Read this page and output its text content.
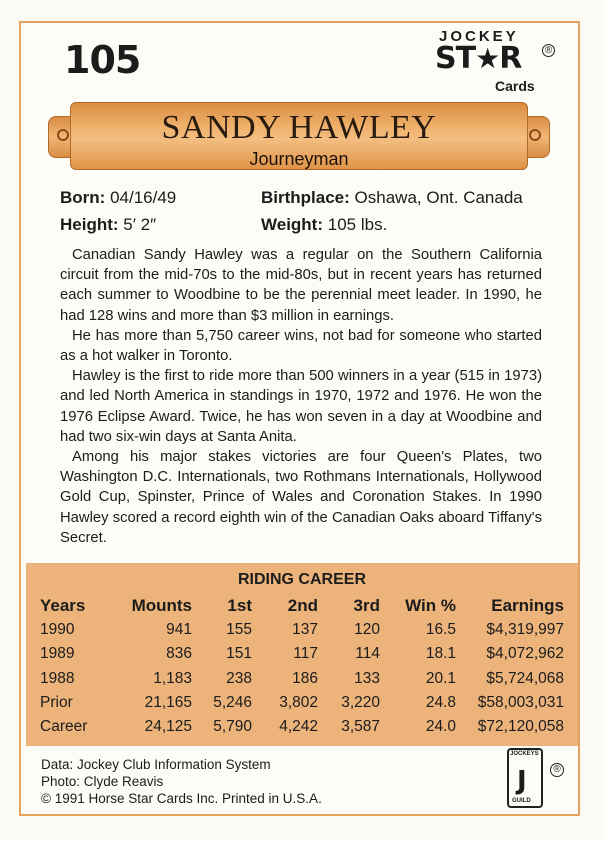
105
JOCKEY
ST★R ®
Cards
SANDY HAWLEY
Journeyman
Born: 04/16/49	Birthplace: Oshawa, Ont. Canada
Height: 5′ 2″	Weight: 105 lbs.

Canadian Sandy Hawley was a regular on the Southern California circuit from the mid-70s to the mid-80s, but in recent years has returned each summer to Woodbine to be the perennial meet leader. In 1990, he had 128 wins and more than $3 million in earnings.

He has more than 5,750 career wins, not bad for someone who started as a hot walker in Toronto.

Hawley is the first to ride more than 500 winners in a year (515 in 1973) and led North America in standings in 1970, 1972 and 1976. He won the 1976 Eclipse Award. Twice, he has won seven in a day at Woodbine and had two six-win days at Santa Anita.

Among his major stakes victories are four Queen's Plates, two Washington D.C. Internationals, two Rothmans Internationals, Hollywood Gold Cup, Spinster, Prince of Wales and Coronation Stakes. In 1990 Hawley scored a record eighth win of the Canadian Oaks aboard Tiffany's Secret.

RIDING CAREER
Years	Mounts	1st	2nd	3rd	Win %	Earnings
1990	941	155	137	120	16.5	$4,319,997
1989	836	151	117	114	18.1	$4,072,962
1988	1,183	238	186	133	20.1	$5,724,068
Prior	21,165	5,246	3,802	3,220	24.8	$58,003,031
Career	24,125	5,790	4,242	3,587	24.0	$72,120,058
Data: Jockey Club Information System
Photo: Clyde Reavis
© 1991 Horse Star Cards Inc. Printed in U.S.A.
JOCKEYS
J
GUILD
®
